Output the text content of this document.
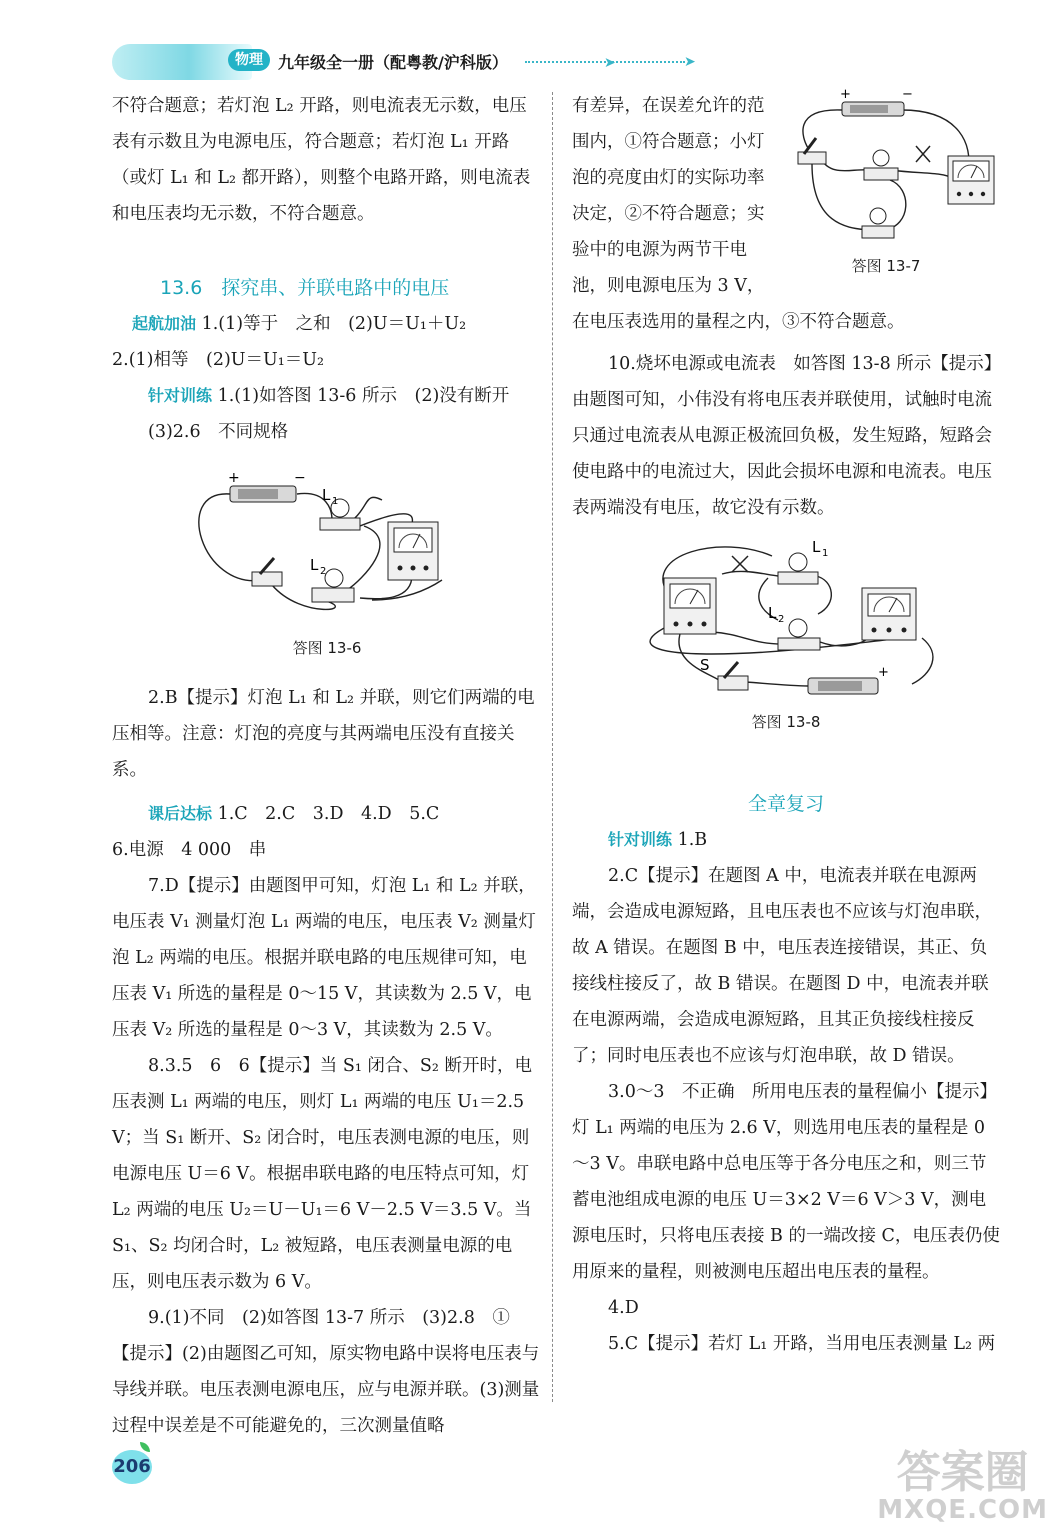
物理 九年级全一册（配粤教/沪科版）	➤	➤

不符合题意；若灯泡 L₂ 开路，则电流表无示数，电压表有示数且为电源电压，符合题意；若灯泡 L₁ 开路（或灯 L₁ 和 L₂ 都开路），则整个电路开路，则电流表和电压表均无示数，不符合题意。

13.6　探究串、并联电路中的电压

起航加油 1.(1)等于　之和　(2)U＝U₁＋U₂

2.(1)相等　(2)U＝U₁＝U₂

针对训练 1.(1)如答图 13-6 所示　(2)没有断开　(3)2.6　不同规格

+	−
L 1
L 2

答图 13-6

2.B【提示】灯泡 L₁ 和 L₂ 并联，则它们两端的电压相等。注意：灯泡的亮度与其两端电压没有直接关系。

课后达标 1.C　2.C　3.D　4.D　5.C

6.电源　4 000　串

7.D【提示】由题图甲可知，灯泡 L₁ 和 L₂ 并联，电压表 V₁ 测量灯泡 L₁ 两端的电压，电压表 V₂ 测量灯泡 L₂ 两端的电压。根据并联电路的电压规律可知，电压表 V₁ 所选的量程是 0～15 V，其读数为 2.5 V，电压表 V₂ 所选的量程是 0～3 V，其读数为 2.5 V。

8.3.5　6　6【提示】当 S₁ 闭合、S₂ 断开时，电压表测 L₁ 两端的电压，则灯 L₁ 两端的电压 U₁＝2.5 V；当 S₁ 断开、S₂ 闭合时，电压表测电源的电压，则电源电压 U＝6 V。根据串联电路的电压特点可知，灯 L₂ 两端的电压 U₂＝U－U₁＝6 V－2.5 V＝3.5 V。当 S₁、S₂ 均闭合时，L₂ 被短路，电压表测量电源的电压，则电压表示数为 6 V。

9.(1)不同　(2)如答图 13-7 所示　(3)2.8　①【提示】(2)由题图乙可知，原实物电路中误将电压表与导线并联。电压表测电源电压，应与电源并联。(3)测量过程中误差是不可能避免的，三次测量值略

有差异，在误差允许的范围内，①符合题意；小灯泡的亮度由灯的实际功率决定，②不符合题意；实验中的电源为两节干电池，则电源电压为 3 V，

+	−

答图 13-7

在电压表选用的量程之内，③不符合题意。

10.烧坏电源或电流表　如答图 13-8 所示【提示】由题图可知，小伟没有将电压表并联使用，试触时电流只通过电流表从电源正极流回负极，发生短路，短路会使电路中的电流过大，因此会损坏电源和电流表。电压表两端没有电压，故它没有示数。

L 1
L 2
S	+

答图 13-8

全章复习

针对训练 1.B

2.C【提示】在题图 A 中，电流表并联在电源两端，会造成电源短路，且电压表也不应该与灯泡串联，故 A 错误。在题图 B 中，电压表连接错误，其正、负接线柱接反了，故 B 错误。在题图 D 中，电流表并联在电源两端，会造成电源短路，且其正负接线柱接反了；同时电压表也不应该与灯泡串联，故 D 错误。

3.0～3　不正确　所用电压表的量程偏小【提示】灯 L₁ 两端的电压为 2.6 V，则选用电压表的量程是 0～3 V。串联电路中总电压等于各分电压之和，则三节蓄电池组成电源的电压 U＝3×2 V＝6 V＞3 V，测电源电压时，只将电压表接 B 的一端改接 C，电压表仍使用原来的量程，则被测电压超出电压表的量程。

4.D

5.C【提示】若灯 L₁ 开路，当用电压表测量 L₂ 两

206	答案圈
MXQE.COM
